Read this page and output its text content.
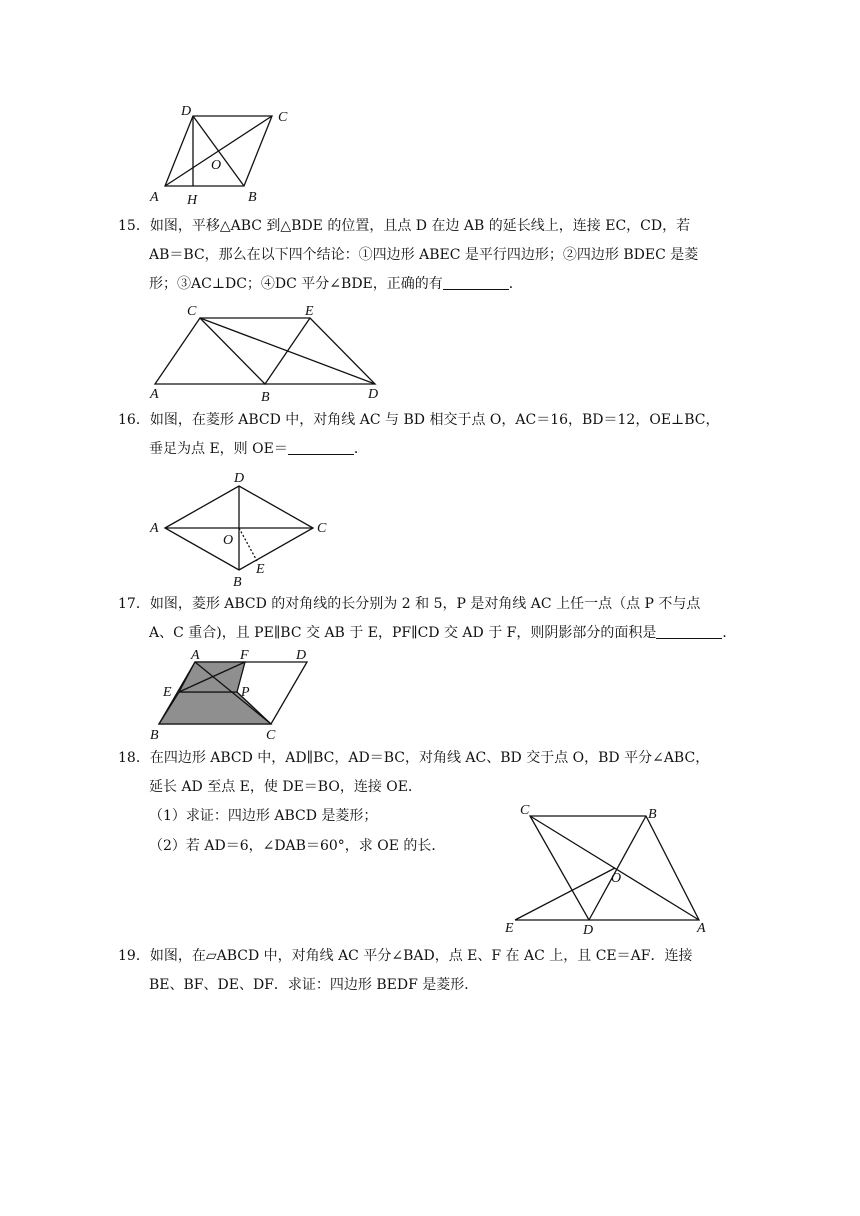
D	C
O
A H	B
15．如图，平移△ABC 到△BDE 的位置，且点 D 在边 AB 的延长线上，连接 EC，CD，若
AB＝BC，那么在以下四个结论：①四边形 ABEC 是平行四边形；②四边形 BDEC 是菱
形；③AC⊥DC；④DC 平分∠BDE，正确的有	．
C	E
A	B	D
16．如图，在菱形 ABCD 中，对角线 AC 与 BD 相交于点 O，AC＝16，BD＝12，OE⊥BC，
垂足为点 E，则 OE＝	．
D
A	C
O
E
B
17．如图，菱形 ABCD 的对角线的长分别为 2 和 5，P 是对角线 AC 上任一点（点 P 不与点
A、C 重合)，且 PE∥BC 交 AB 于 E，PF∥CD 交 AD 于 F，则阴影部分的面积是	．
A	F	D
E	P
B	C
18．在四边形 ABCD 中，AD∥BC，AD＝BC，对角线 AC、BD 交于点 O，BD 平分∠ABC，
延长 AD 至点 E，使 DE＝BO，连接 OE．
（1）求证：四边形 ABCD 是菱形；
（2）若 AD＝6，∠DAB＝60°，求 OE 的长．
C	B
O
E	D	A
19．如图，在▱ABCD 中，对角线 AC 平分∠BAD，点 E、F 在 AC 上，且 CE＝AF．连接
BE、BF、DE、DF．求证：四边形 BEDF 是菱形．
